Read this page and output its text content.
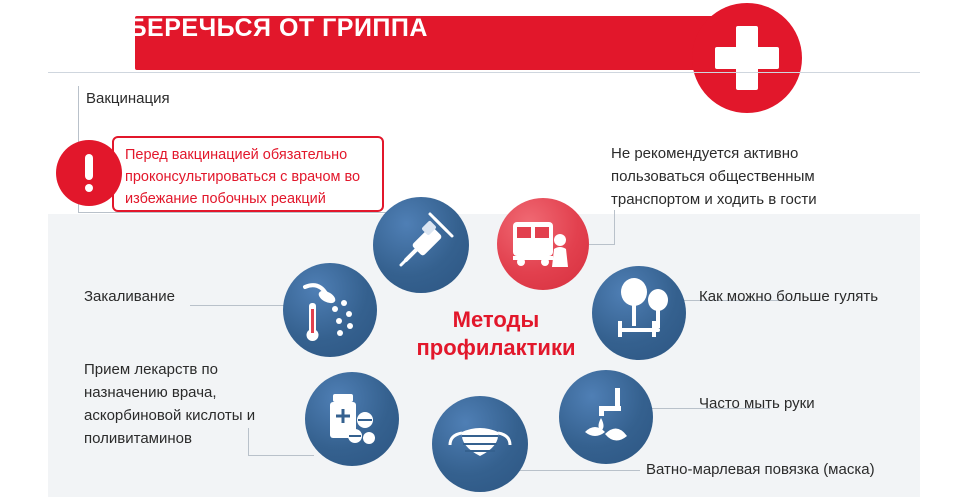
КАК УБЕРЕЧЬСЯ ОТ ГРИППА
Вакцинация
Перед вакцинацией обязательно проконсультироваться с врачом во избежание побочных реакций
Методы
профилактики
Не рекомендуется активно пользоваться общественным транспортом и ходить в гости
Закаливание
Прием лекарств по назначению врача, аскорбиновой кислоты и поливитаминов
Как можно больше гулять
Часто мыть руки
Ватно-марлевая повязка (маска)
